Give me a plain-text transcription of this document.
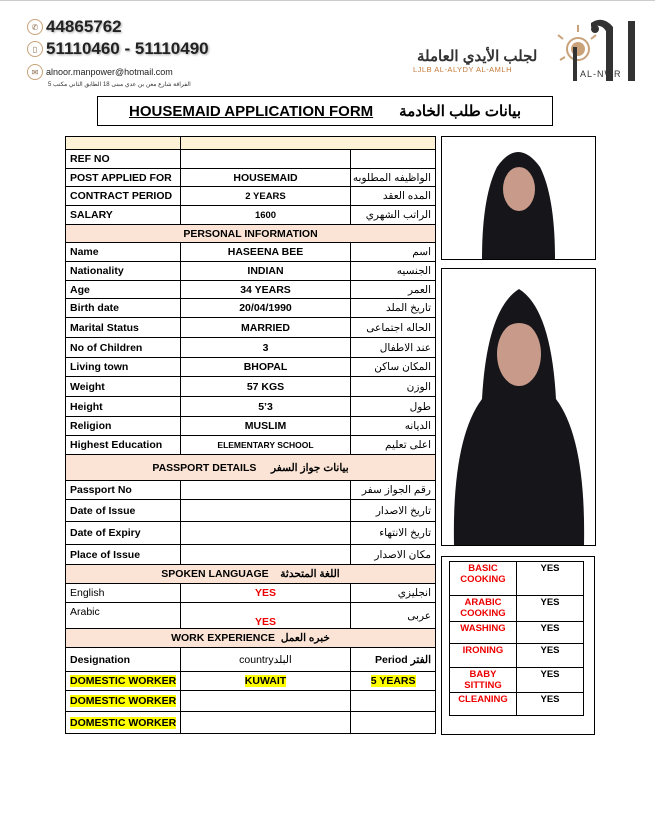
✆ 44865762
▯ 51110460 - 51110490
✉ alnoor.manpower@hotmail.com
الفراقة شارع معن بن عدي مبنى 18 الطابق الثاني مكتب 5
لجلب الأيدي العاملة
LJLB AL-ALYDY AL-AMLH	AL-NWR
HOUSEMAID APPLICATION FORM بيانات طلب الخادمة

REF NO		
POST APPLIED FOR	HOUSEMAID	الواظيفه المطلوبه
CONTRACT PERIOD	2 YEARS	المده العقد
SALARY	1600	الراتب الشهري
PERSONAL INFORMATION		
Name	HASEENA BEE	اسم
Nationality	INDIAN	الجنسيه
Age	34 YEARS	العمر
Birth date	20/04/1990	تاريخ الملد
Marital Status	MARRIED	الحاله اجتماعى
No of Children	3	عند الاطفال
Living town	BHOPAL	المكان ساكن
Weight	57 KGS	الوزن
Height	5’3	طول
Religion	MUSLIM	الديانه
Highest Education	ELEMENTARY SCHOOL	اعلى تعليم
PASSPORT DETAILS بيانات جواز السفر		
Passport No		رقم الجواز سفر
Date of Issue		تاريخ الاصدار
Date of Expiry		تاريخ الانتهاء
Place of Issue		مكان الاصدار
SPOKEN LANGUAGE اللغة المتحدثة		
English	YES	انجليزي
Arabic	YES	عربى
WORK EXPERIENCE خبره العمل		
Designation	countryالبلد	Period الفتر
DOMESTIC WORKER	KUWAIT	5 YEARS
DOMESTIC WORKER		
DOMESTIC WORKER		
BASIC COOKING	YES
ARABIC COOKING	YES
WASHING	YES
IRONING	YES
BABY SITTING	YES
CLEANING	YES
